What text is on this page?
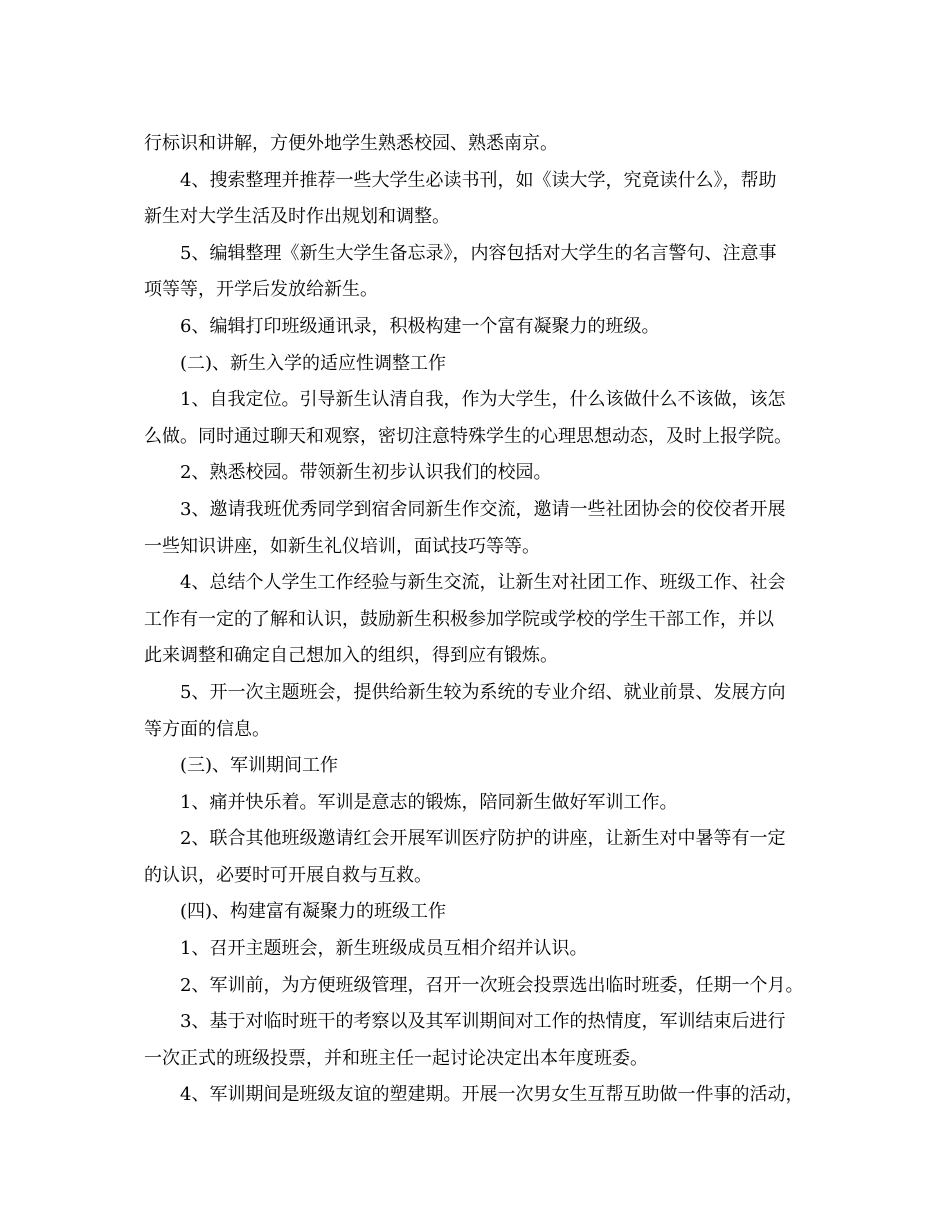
行标识和讲解，方便外地学生熟悉校园、熟悉南京。
4、搜索整理并推荐一些大学生必读书刊，如《读大学，究竟读什么》，帮助
新生对大学生活及时作出规划和调整。
5、编辑整理《新生大学生备忘录》，内容包括对大学生的名言警句、注意事
项等等，开学后发放给新生。
6、编辑打印班级通讯录，积极构建一个富有凝聚力的班级。
(二)、新生入学的适应性调整工作
1、自我定位。引导新生认清自我，作为大学生，什么该做什么不该做，该怎
么做。同时通过聊天和观察，密切注意特殊学生的心理思想动态，及时上报学院。
2、熟悉校园。带领新生初步认识我们的校园。
3、邀请我班优秀同学到宿舍同新生作交流，邀请一些社团协会的佼佼者开展
一些知识讲座，如新生礼仪培训，面试技巧等等。
4、总结个人学生工作经验与新生交流，让新生对社团工作、班级工作、社会
工作有一定的了解和认识，鼓励新生积极参加学院或学校的学生干部工作，并以
此来调整和确定自己想加入的组织，得到应有锻炼。
5、开一次主题班会，提供给新生较为系统的专业介绍、就业前景、发展方向
等方面的信息。
(三)、军训期间工作
1、痛并快乐着。军训是意志的锻炼，陪同新生做好军训工作。
2、联合其他班级邀请红会开展军训医疗防护的讲座，让新生对中暑等有一定
的认识，必要时可开展自救与互救。
(四)、构建富有凝聚力的班级工作
1、召开主题班会，新生班级成员互相介绍并认识。
2、军训前，为方便班级管理，召开一次班会投票选出临时班委，任期一个月。
3、基于对临时班干的考察以及其军训期间对工作的热情度，军训结束后进行
一次正式的班级投票，并和班主任一起讨论决定出本年度班委。
4、军训期间是班级友谊的塑建期。开展一次男女生互帮互助做一件事的活动，
